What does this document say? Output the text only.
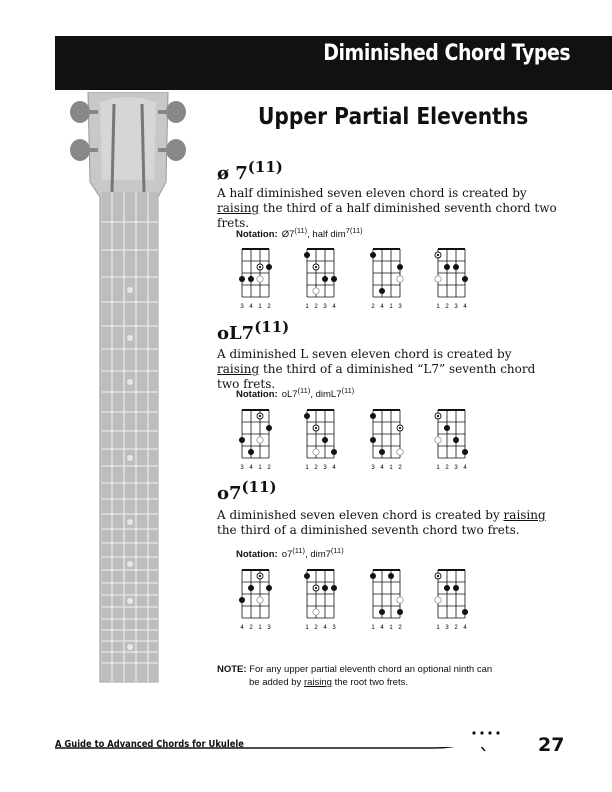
Diminished Chord Types
Upper Partial Elevenths
ø 7$^{(11)}$
A half diminished seven eleven chord is created by raising the third of a half diminished seventh chord two frets.
Notation: Ø7$^{(11)}$, half dim$^{7(11)}$
oL7$^{(11)}$
A diminished L seven eleven chord is created by raising the third of a diminished “L7” seventh chord two frets.
Notation: oL7$^{(11)}$, dimL7$^{(11)}$
o7$^{(11)}$
A diminished seven eleven chord is created by raising the third of a diminished seventh chord two frets.
Notation: o7$^{(11)}$, dim7$^{(11)}$
3 4 1 2	1 2 3 4	2 4 1 3	1 2 3 4
3 4 1 2	1 2 3 4	3 4 1 2	1 2 3 4
4 2 1 3	1 2 4 3	1 4 1 2	1 3 2 4
NOTE: For any upper partial eleventh chord an optional ninth can
be added by raising the root two frets.
A Guide to Advanced Chords for Ukulele	27
